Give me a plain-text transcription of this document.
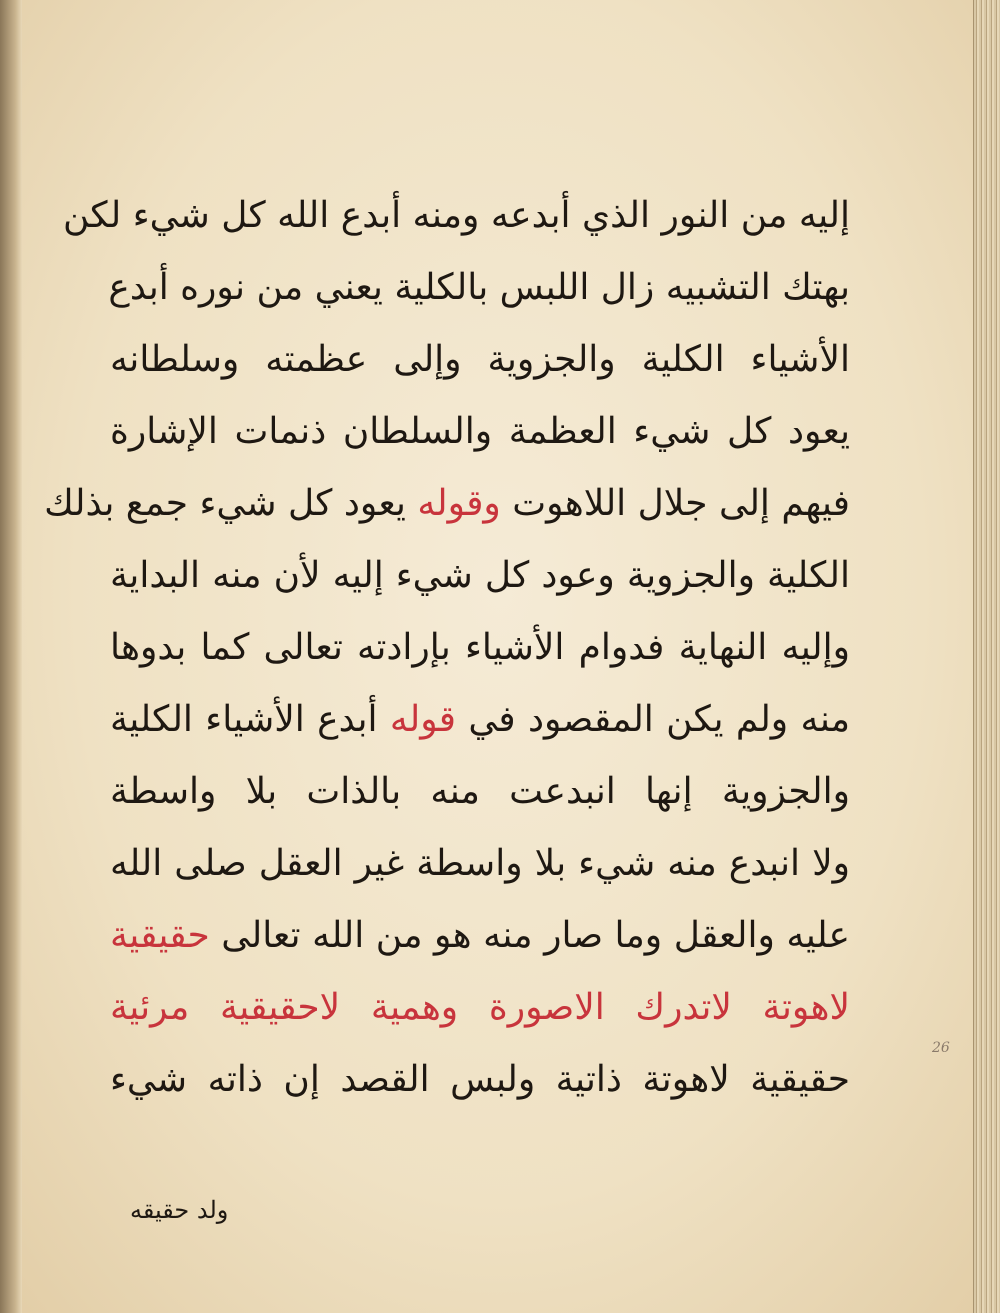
إليه من النور الذي أبدعه ومنه أبدع الله كل شيء لكن
بهتك التشبيه زال اللبس بالكلية يعني من نوره أبدع
الأشياء الكلية والجزوية وإلى عظمته وسلطانه
يعود كل شيء العظمة والسلطان ذنمات الإشارة
فيهم إلى جلال اللاهوت وقوله يعود كل شيء جمع بذلك
الكلية والجزوية وعود كل شيء إليه لأن منه البداية
وإليه النهاية فدوام الأشياء بإرادته تعالى كما بدوها
منه ولم يكن المقصود في قوله أبدع الأشياء الكلية
والجزوية إنها انبدعت منه بالذات بلا واسطة
ولا انبدع منه شيء بلا واسطة غير العقل صلى الله
عليه والعقل وما صار منه هو من الله تعالى حقيقية
لاهوتة لاتدرك الاصورة وهمية لاحقيقية مرئية
حقيقية لاهوتة ذاتية ولبس القصد إن ذاته شيء
ولد حقيقه
26
